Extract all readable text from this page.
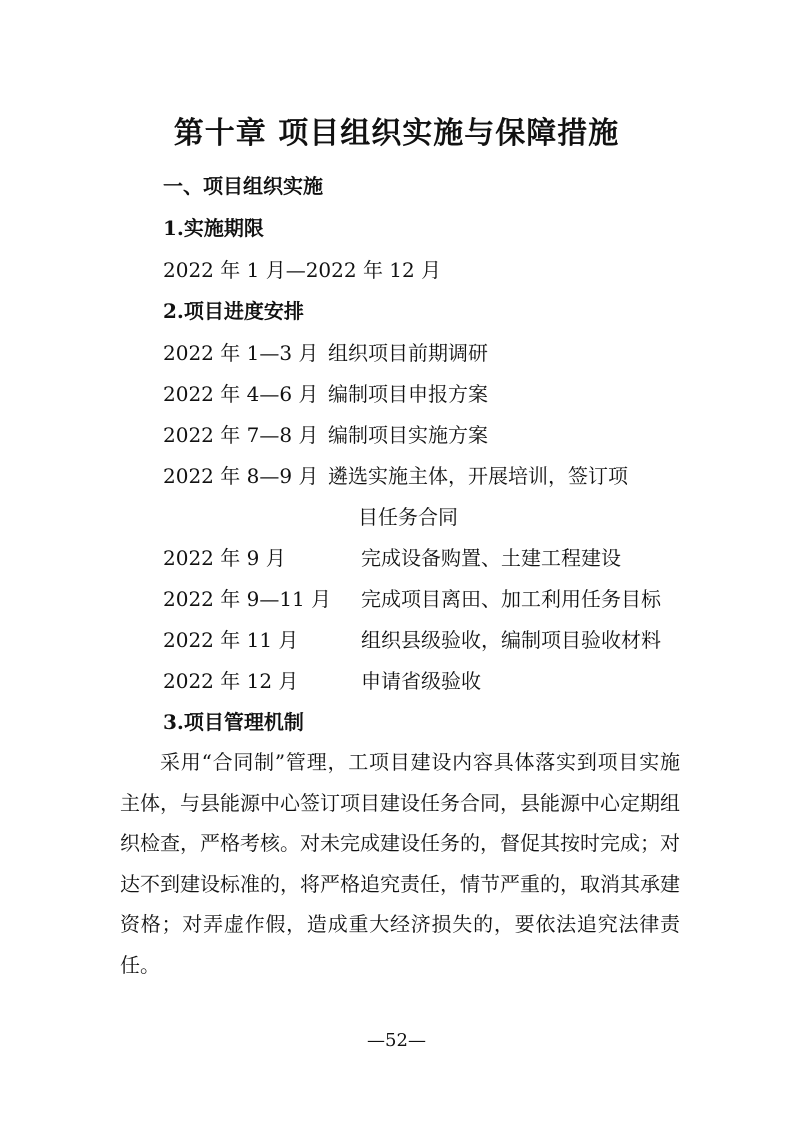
第十章 项目组织实施与保障措施
一、项目组织实施
1.实施期限
2022 年 1 月—2022 年 12 月
2.项目进度安排
2022 年 1—3 月 组织项目前期调研
2022 年 4—6 月 编制项目申报方案
2022 年 7—8 月 编制项目实施方案
2022 年 8—9 月 遴选实施主体，开展培训，签订项
目任务合同
2022 年 9 月	完成设备购置、土建工程建设
2022 年 9—11 月 完成项目离田、加工利用任务目标
2022 年 11 月	组织县级验收，编制项目验收材料
2022 年 12 月	申请省级验收
3.项目管理机制

采用“合同制”管理，工项目建设内容具体落实到项目实施主体，与县能源中心签订项目建设任务合同，县能源中心定期组织检查，严格考核。对未完成建设任务的，督促其按时完成；对达不到建设标准的，将严格追究责任，情节严重的，取消其承建资格；对弄虚作假，造成重大经济损失的，要依法追究法律责任。

—52—
